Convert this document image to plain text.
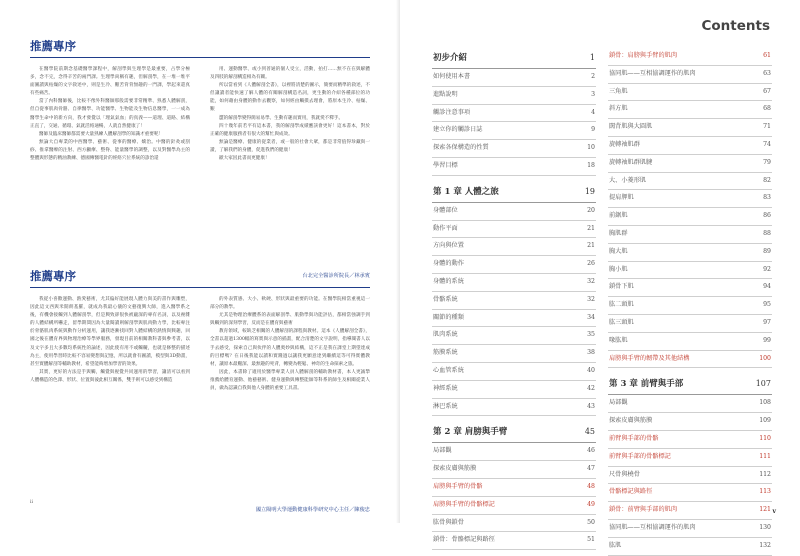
推薦專序

在醫學院前期念基礎醫學課程中，解剖學與生理學是最重要，占學分極多，念不完，念得辛苦的兩門課。生理學尚稱有趣，但解剖學，在一堆一堆平面圖讀與枯燥的文字敘述中，則是生冷、艱苦背背無趣的一門課，學起來還真有些痛苦。

當了內科醫師後，比較不像外科醫師那般需要非常精準、熟悉人體解剖，但自從事肌肉骨骼、自律醫學、功能醫學、生物能及生物信息醫學，一一成為醫學生命中的新方向，我才發覺以「理氣氣血」的真義——道理、道路、結構正直了，交通、循環、氣就活絡通暢，人就自然健康了！

醫師及臨床醫師都需要大量熟練人體解剖學的知識才重要呢！

無論大自專業的中西醫學、藝術、從事的醫療、嬌治。中醫的針灸或刮痧、推拿醫療的注射、西方顱療、整脊、能量醫學的調整，以及對醫學為主的整體與形態的精油教練、德國傳醫電針的經絡穴位系統的診治還

用、運動醫學、或小到普通的個人受立，活動，拍打……無不在在與解體及四肢的解剖構造相為有關。

所以當看到《人體解剖全書》，以裡將清楚的圖示，簡要而精準的敘述，不但讓讀者能快速了解人體的有關解剖構造名詞，更生動的介紹各種部位的功能，如何藉由身體的動作去觀察，如何經由觸摸去理會，將原本生冷、枯燥、艱

澀的解剖學變得簡易易學、生動有趣而實用，我就愛不釋手。

四十幾年前若平有這本書，我的解剖學成績應該會更好！這本書本，對於正確的健康服務者有很大的幫忙與成效。

無論是醫療、健康的從業者，或一般的社會大眾，都是非常值得珍藏與一讀，了解我們的身體，促進我們的健康！

歐大家因此書而更健康！

台北完全醫診所院長／林承賓
推薦專序

我從小喜歡運動、熱愛藝術，尤其偏好能展現人體力與美的書作與雕塑，因此這文西與米開朗基羅，就成為我最心儀的文藝復興大師，進入醫學系之後，有機會接觸到人體解剖學，但是興致卻很快被龐深的專有名詞，以及複雜的人體結構所嚇走，留學期間因為大量閱讀則解剖學與肌肉動力學，比較專注於骨骼肌肉系統與動作分析運用，讓我逐漸找回對人體結構的熱情與興趣，回國之後在體育界與物理治療等學界服務，發現目前的相關教科書與參考書，以及文字多且大多數均系統性的論述，因此使有用不或觸礙，也就是修整的描述為主，使用學習時比較不容易變想與記憶，所以就會有圖讀，模型與3D動畫，甚至實體解剖等輔助教材，希望能夠增加學習的效果。

其實，更好的方法是手與觸，觸覺與視覺共同運用的學習，讓清可以看到人體構造的色澤、形狀、位置與彼此相互關係，雙手則可以感受到構造

的外表質感、大小、軟硬、形狀與最重要的功能。在醫學院相當重視這一部分的教學。

尤其是物理治療體系的表面解剖學、肌動學與功能評估，都相當強調手到與觸到的深刻學習，反而是在體育與藝術

教育領域，較缺乏相關的人體解剖的課程與教材。這本《人體解剖全書》，全書以超過1300幅的寫實與示意的插畫，配合清楚的文字說明，指導閱書人以手去感受，探索自己與伙伴的人體奧妙與結構，這不正是我在課堂上期望達成的目標嗎？在日後我能以讀和實踐過以讓我更願意達到繼續這等可得實體教材，讓原本最艱深、最無趣的死背，轉變為輕鬆、神奇的生命探索之旅。

因此，本書除了適用於醫學專業人員人體解剖的輔助教材書，本人更誠摯推薦給體育運動、他藝藝術、健身運動與傳整能師等科系的師生及相關從業人員，做為認識自我與他人身體的重要工具書。

國立陽明大學運動健康科學研究中心主任／陳俊忠
ii
Contents
初步介紹	1
如何使用本書	2
進點說明	3
觸診注意事項	4
建立你的觸診日誌	9
探索各保構造的性質	10
學習目標	18
第 1 章 人體之旅	19
身體部位	20
動作平面	21
方向與位置	21
身體的動作	26
身體的系統	32
骨骼系統	32
關節的種類	34
肌肉系統	35
筋膜系統	38
心血管系統	40
神經系統	42
淋巴系統	43
第 2 章 肩膀與手臂	45
局部觀	46
探索皮膚與筋膜	47
肩膀與手臂的骨骼	48
肩膀與手臂的骨骼標記	49
肱骨與鎖骨	50
鎖骨：骨骼標記與路徑	51
鎖骨：肩膀與手臂的肌肉	61
協同肌——互相協調運作的肌肉	63
三角肌	67
斜方肌	68
闊背肌與大圓肌	71
旋轉袖肌群	74
旋轉袖肌群肌腱	79
大、小菱形肌	82
提肩胛肌	83
前鋸肌	86
胸肌群	88
胸大肌	89
胸小肌	92
鎖骨下肌	94
肱二頭肌	95
肱三頭肌	97
喙肱肌	99
肩膀與手臂的韌帶及其他結構	100
第 3 章 前臂與手部	107
局部觀	108
探索皮膚與筋膜	109
前臂與手部的骨骼	110
前臂與手部的骨骼標記	111
尺骨與橈骨	112
骨骼標記與路徑	113
鎖骨：前臂與手部的肌肉	121
協同肌——互相協調運作的肌肉	130
肱肌	132
v
